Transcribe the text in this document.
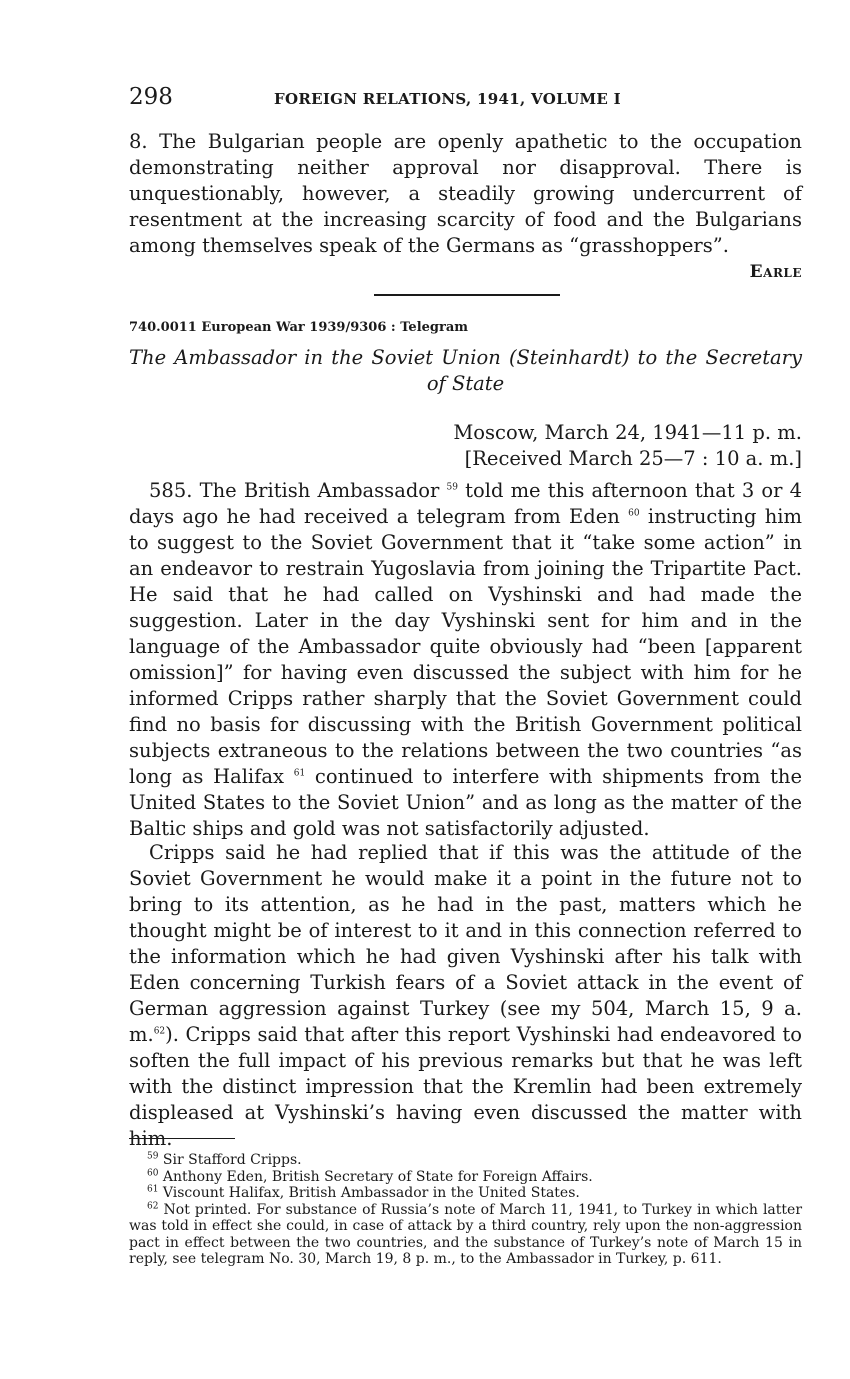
298	FOREIGN RELATIONS, 1941, VOLUME I

8. The Bulgarian people are openly apathetic to the occupation demonstrating neither approval nor disapproval. There is unquestionably, however, a steadily growing undercurrent of resentment at the increasing scarcity of food and the Bulgarians among themselves speak of the Germans as “grasshoppers”.

Earle
740.0011 European War 1939/9306 : Telegram
The Ambassador in the Soviet Union (Steinhardt) to the Secretary
of State
Moscow, March 24, 1941—11 p. m.
[Received March 25—7 : 10 a. m.]

585. The British Ambassador $^{59}$ told me this afternoon that 3 or 4 days ago he had received a telegram from Eden $^{60}$ instructing him to suggest to the Soviet Government that it “take some action” in an endeavor to restrain Yugoslavia from joining the Tripartite Pact. He said that he had called on Vyshinski and had made the suggestion. Later in the day Vyshinski sent for him and in the language of the Ambassador quite obviously had “been [apparent omission]” for having even discussed the subject with him for he informed Cripps rather sharply that the Soviet Government could find no basis for discussing with the British Government political subjects extraneous to the relations between the two countries “as long as Halifax $^{61}$ continued to interfere with shipments from the United States to the Soviet Union” and as long as the matter of the Baltic ships and gold was not satisfactorily adjusted.

Cripps said he had replied that if this was the attitude of the Soviet Government he would make it a point in the future not to bring to its attention, as he had in the past, matters which he thought might be of interest to it and in this connection referred to the information which he had given Vyshinski after his talk with Eden concerning Turkish fears of a Soviet attack in the event of German aggression against Turkey (see my 504, March 15, 9 a. m.$^{62}$). Cripps said that after this report Vyshinski had endeavored to soften the full impact of his previous remarks but that he was left with the distinct impression that the Kremlin had been extremely displeased at Vyshinski’s having even discussed the matter with him.

$^{59}$ Sir Stafford Cripps.
$^{60}$ Anthony Eden, British Secretary of State for Foreign Affairs.
$^{61}$ Viscount Halifax, British Ambassador in the United States.
$^{62}$ Not printed. For substance of Russia’s note of March 11, 1941, to Turkey in which latter was told in effect she could, in case of attack by a third country, rely upon the non-aggression pact in effect between the two countries, and the substance of Turkey’s note of March 15 in reply, see telegram No. 30, March 19, 8 p. m., to the Ambassador in Turkey, p. 611.
